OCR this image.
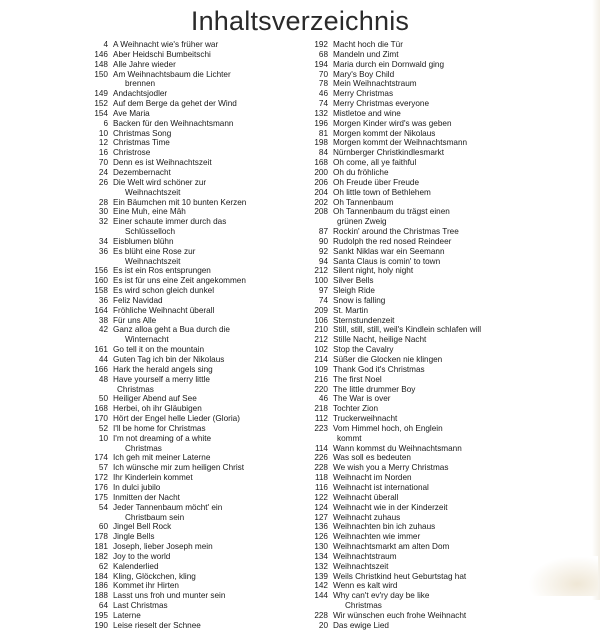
Inhaltsverzeichnis
4 A Weihnacht wie's früher war
146 Aber Heidschi Bumbeitschi
148 Alle Jahre wieder
150 Am Weihnachtsbaum die Lichter
brennen
149 Andachtsjodler
152 Auf dem Berge da gehet der Wind
154 Ave Maria
6 Backen für den Weihnachtsmann
10 Christmas Song
12 Christmas Time
16 Christrose
70 Denn es ist Weihnachtszeit
24 Dezembernacht
26 Die Welt wird schöner zur
Weihnachtszeit
28 Ein Bäumchen mit 10 bunten Kerzen
30 Eine Muh, eine Mäh
32 Einer schaute immer durch das
Schlüsselloch
34 Eisblumen blühn
36 Es blüht eine Rose zur
Weihnachtszeit
156 Es ist ein Ros entsprungen
160 Es ist für uns eine Zeit angekommen
158 Es wird schon gleich dunkel
36 Feliz Navidad
164 Fröhliche Weihnacht überall
38 Für uns Alle
42 Ganz alloa geht a Bua durch die
Winternacht
161 Go tell it on the mountain
44 Guten Tag ich bin der Nikolaus
166 Hark the herald angels sing
48 Have yourself a merry little
Christmas
50 Heiliger Abend auf See
168 Herbei, oh ihr Gläubigen
170 Hört der Engel helle Lieder (Gloria)
52 I'll be home for Christmas
10 I'm not dreaming of a white
Christmas
174 Ich geh mit meiner Laterne
57 Ich wünsche mir zum heiligen Christ
172 Ihr Kinderlein kommet
176 In dulci jubilo
175 Inmitten der Nacht
54 Jeder Tannenbaum möcht' ein
Christbaum sein
60 Jingel Bell Rock
178 Jingle Bells
181 Joseph, lieber Joseph mein
182 Joy to the world
62 Kalenderlied
184 Kling, Glöckchen, kling
186 Kommet ihr Hirten
188 Lasst uns froh und munter sein
64 Last Christmas
195 Laterne
190 Leise rieselt der Schnee
192 Macht hoch die Tür
68 Mandeln und Zimt
194 Maria durch ein Dornwald ging
70 Mary's Boy Child
78 Mein Weihnachtstraum
46 Merry Christmas
74 Merry Christmas everyone
132 Mistletoe and wine
196 Morgen Kinder wird's was geben
81 Morgen kommt der Nikolaus
198 Morgen kommt der Weihnachtsmann
84 Nürnberger Christkindlesmarkt
168 Oh come, all ye faithful
200 Oh du fröhliche
206 Oh Freude über Freude
204 Oh little town of Bethlehem
202 Oh Tannenbaum
208 Oh Tannenbaum du trägst einen
grünen Zweig
87 Rockin' around the Christmas Tree
90 Rudolph the red nosed Reindeer
92 Sankt Niklas war ein Seemann
94 Santa Claus is comin' to town
212 Silent night, holy night
100 Silver Bells
97 Sleigh Ride
74 Snow is falling
209 St. Martin
106 Sternstundenzeit
210 Still, still, still, weil's Kindlein schlafen will
212 Stille Nacht, heilige Nacht
102 Stop the Cavalry
214 Süßer die Glocken nie klingen
109 Thank God it's Christmas
216 The first Noel
220 The little drummer Boy
46 The War is over
218 Tochter Zion
112 Truckerweihnacht
223 Vom Himmel hoch, oh Englein
kommt
114 Wann kommst du Weihnachtsmann
226 Was soll es bedeuten
228 We wish you a Merry Christmas
118 Weihnacht im Norden
116 Weihnacht ist international
122 Weihnacht überall
124 Weihnacht wie in der Kinderzeit
127 Weihnacht zuhaus
136 Weihnachten bin ich zuhaus
126 Weihnachten wie immer
130 Weihnachtsmarkt am alten Dom
134 Weihnachtstraum
132 Weihnachtszeit
139 Weils Christkind heut Geburtstag hat
142 Wenn es kalt wird
144 Why can't ev'ry day be like
Christmas
228 Wir wünschen euch frohe Weihnacht
20 Das ewige Lied
